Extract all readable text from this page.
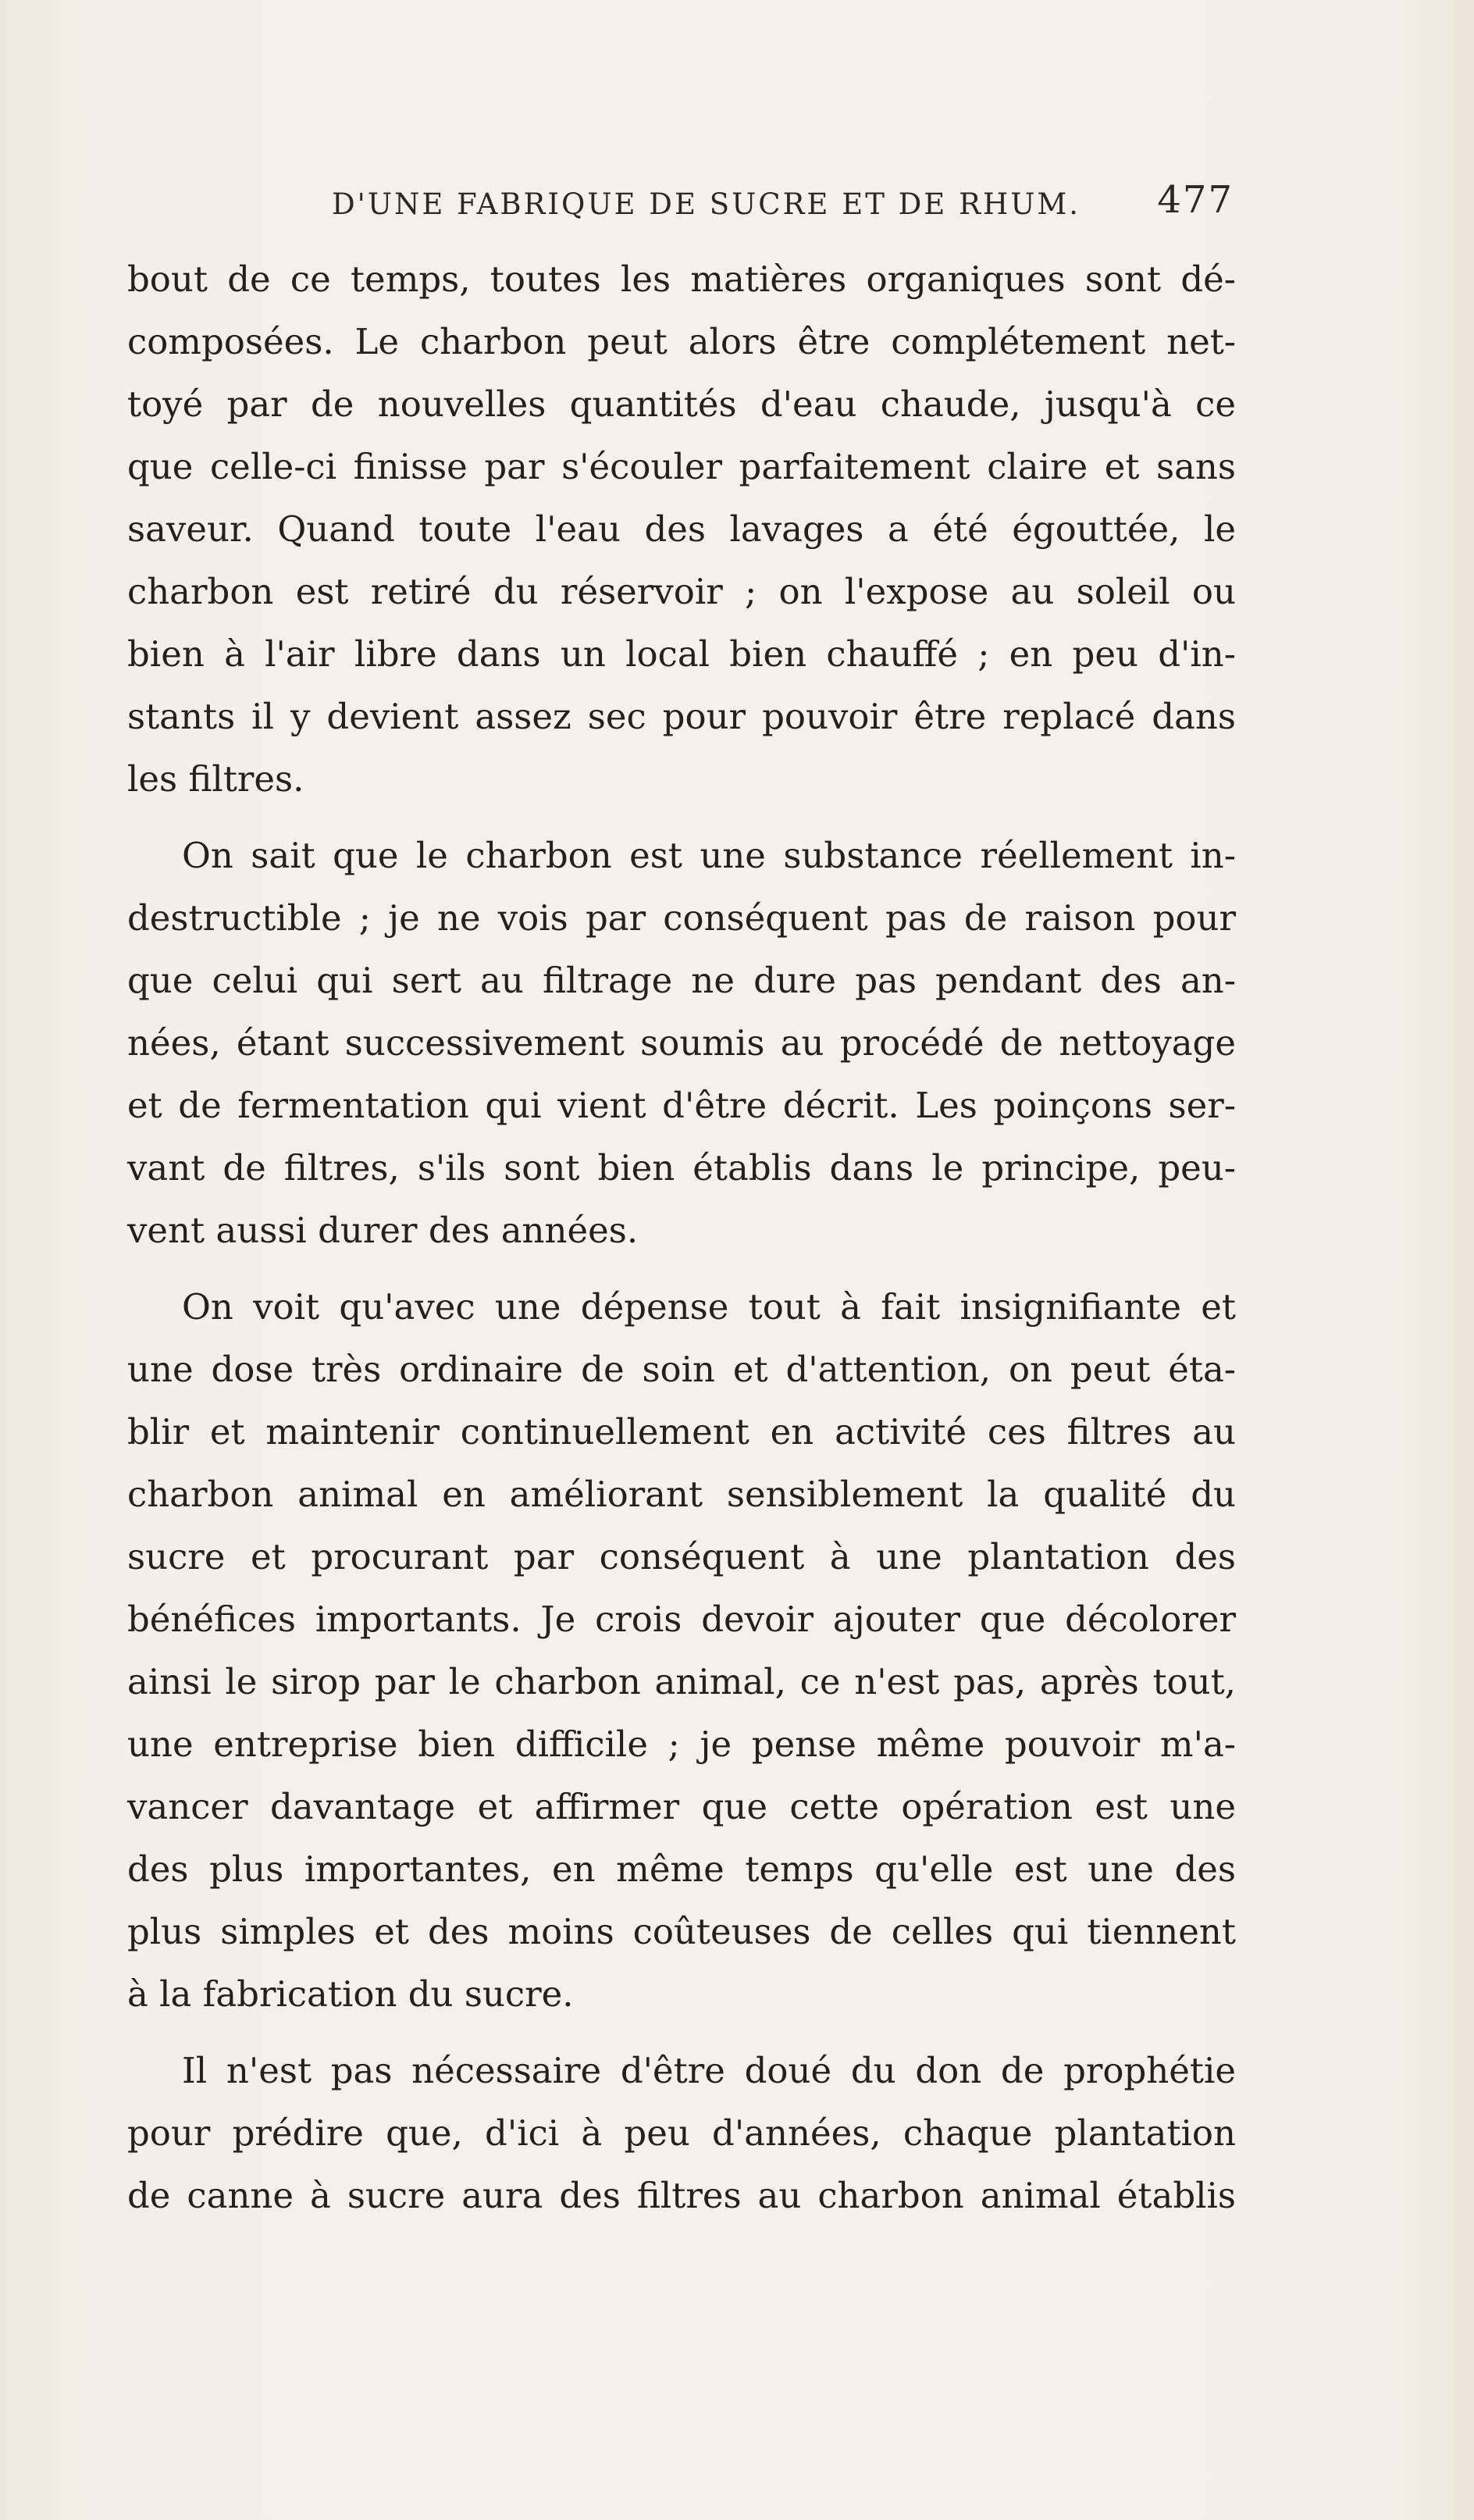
D'UNE FABRIQUE DE SUCRE ET DE RHUM. 477
bout de ce temps, toutes les matières organiques sont dé-
composées. Le charbon peut alors être complétement net-
toyé par de nouvelles quantités d'eau chaude, jusqu'à ce
que celle-ci finisse par s'écouler parfaitement claire et sans
saveur. Quand toute l'eau des lavages a été égouttée, le
charbon est retiré du réservoir ; on l'expose au soleil ou
bien à l'air libre dans un local bien chauffé ; en peu d'in-
stants il y devient assez sec pour pouvoir être replacé dans
les filtres.
On sait que le charbon est une substance réellement in-
destructible ; je ne vois par conséquent pas de raison pour
que celui qui sert au filtrage ne dure pas pendant des an-
nées, étant successivement soumis au procédé de nettoyage
et de fermentation qui vient d'être décrit. Les poinçons ser-
vant de filtres, s'ils sont bien établis dans le principe, peu-
vent aussi durer des années.
On voit qu'avec une dépense tout à fait insignifiante et
une dose très ordinaire de soin et d'attention, on peut éta-
blir et maintenir continuellement en activité ces filtres au
charbon animal en améliorant sensiblement la qualité du
sucre et procurant par conséquent à une plantation des
bénéfices importants. Je crois devoir ajouter que décolorer
ainsi le sirop par le charbon animal, ce n'est pas, après tout,
une entreprise bien difficile ; je pense même pouvoir m'a-
vancer davantage et affirmer que cette opération est une
des plus importantes, en même temps qu'elle est une des
plus simples et des moins coûteuses de celles qui tiennent
à la fabrication du sucre.
Il n'est pas nécessaire d'être doué du don de prophétie
pour prédire que, d'ici à peu d'années, chaque plantation
de canne à sucre aura des filtres au charbon animal établis
